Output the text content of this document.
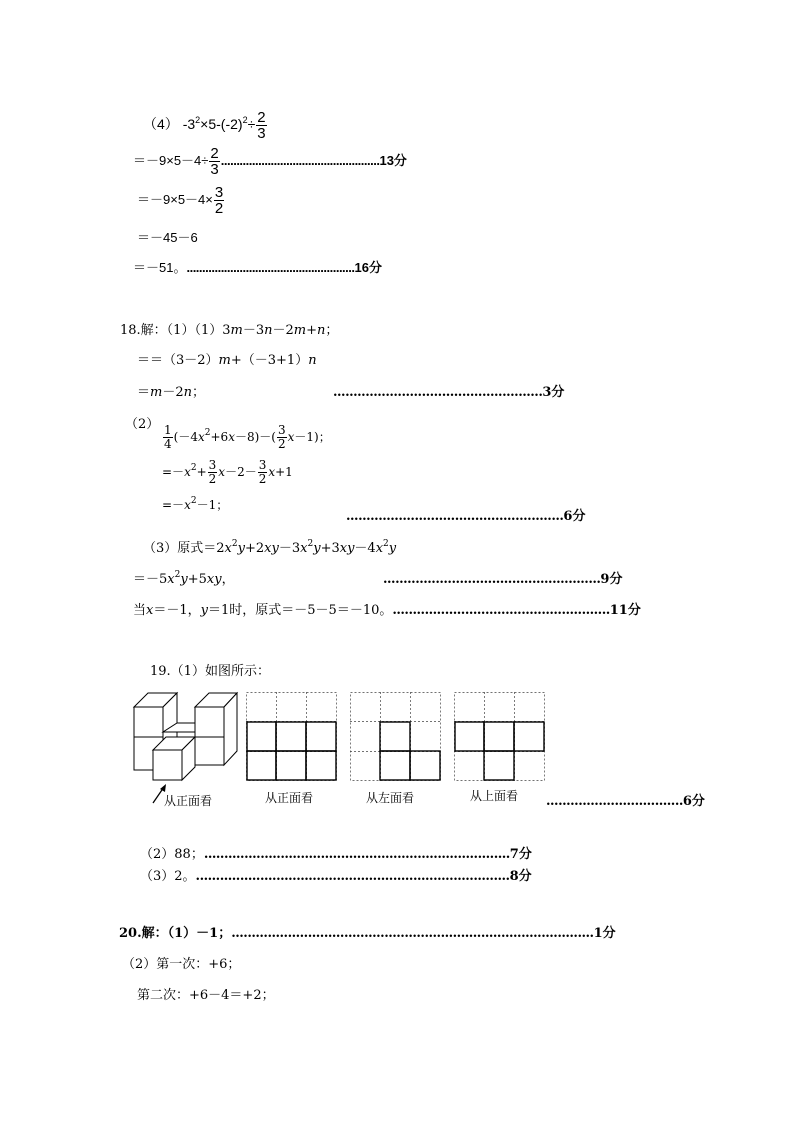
（4） $-3^2\times 5-(-2)^2\div \frac{2}{3}$
$=-9\times 5-4\div \frac{2}{3} ...................................................13$分
$=-9\times 5-4\times \frac{3}{2}$
＝－45－6
＝－51。......................................................16分
18.解：（1）（1）3m－3n－2m+n；
＝＝（3－2）m+（－3+1）n
＝m－2n；	....................................................3分
$(2) \frac{1}{4} (-4x^2+6x-8)-( \frac{3}{2} x-1)$；
$=-x^2+ \frac{3}{2} x-2- \frac{3}{2} x+1$
$=-x^2-1$；
......................................................6分
（3）原式$=2x^2y+2xy-3x^2y+3xy-4x^2y$
$=-5x^2y+5xy$，	......................................................9分
当x＝－1，y＝1时，原式＝－5－5＝－10。......................................................11分
19.（1）如图所示：
从正面看	从正面看	从左面看	从上面看 ..................................6分
（2）88；............................................................................7分
（3）2。..............................................................................8分
20.解：（1）－1；..........................................................................................1分
（2）第一次：+6；
第二次：+6－4＝+2；
